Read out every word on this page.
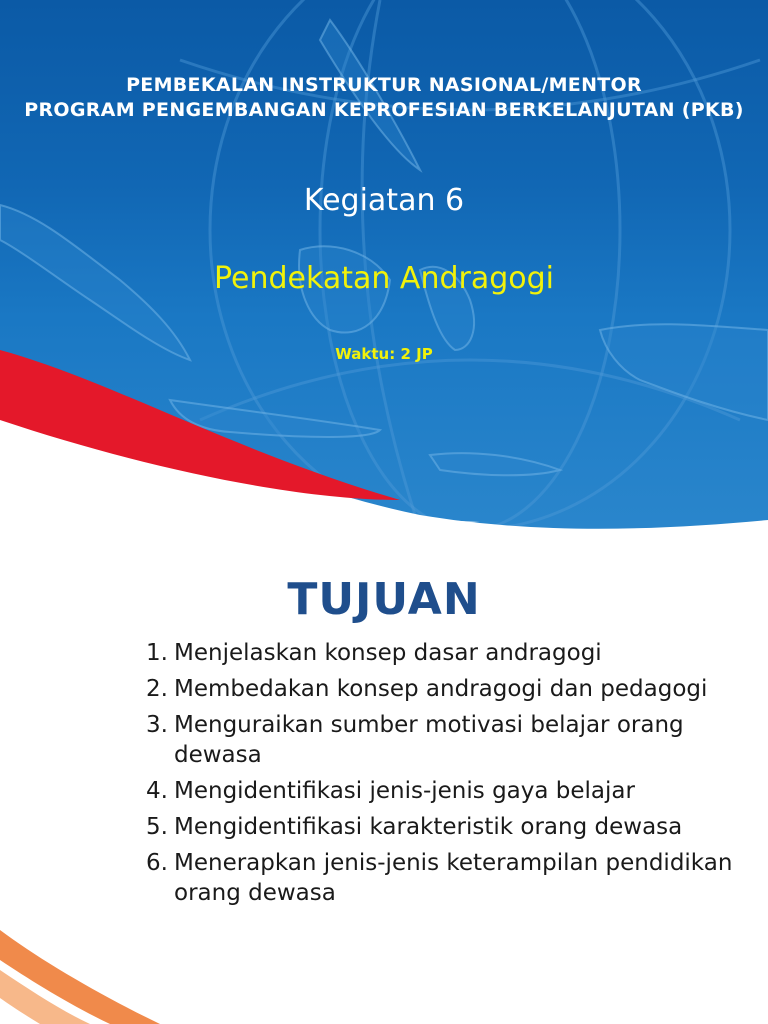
PEMBEKALAN INSTRUKTUR NASIONAL/MENTOR
PROGRAM PENGEMBANGAN KEPROFESIAN BERKELANJUTAN (PKB)
Kegiatan 6
Pendekatan Andragogi
Waktu: 2 JP
TUJUAN
1. Menjelaskan konsep dasar andragogi
2. Membedakan konsep andragogi dan pedagogi
3. Menguraikan sumber motivasi belajar orang dewasa
4. Mengidentifikasi jenis-jenis gaya belajar
5. Mengidentifikasi karakteristik orang dewasa
6. Menerapkan jenis-jenis keterampilan pendidikan orang dewasa
